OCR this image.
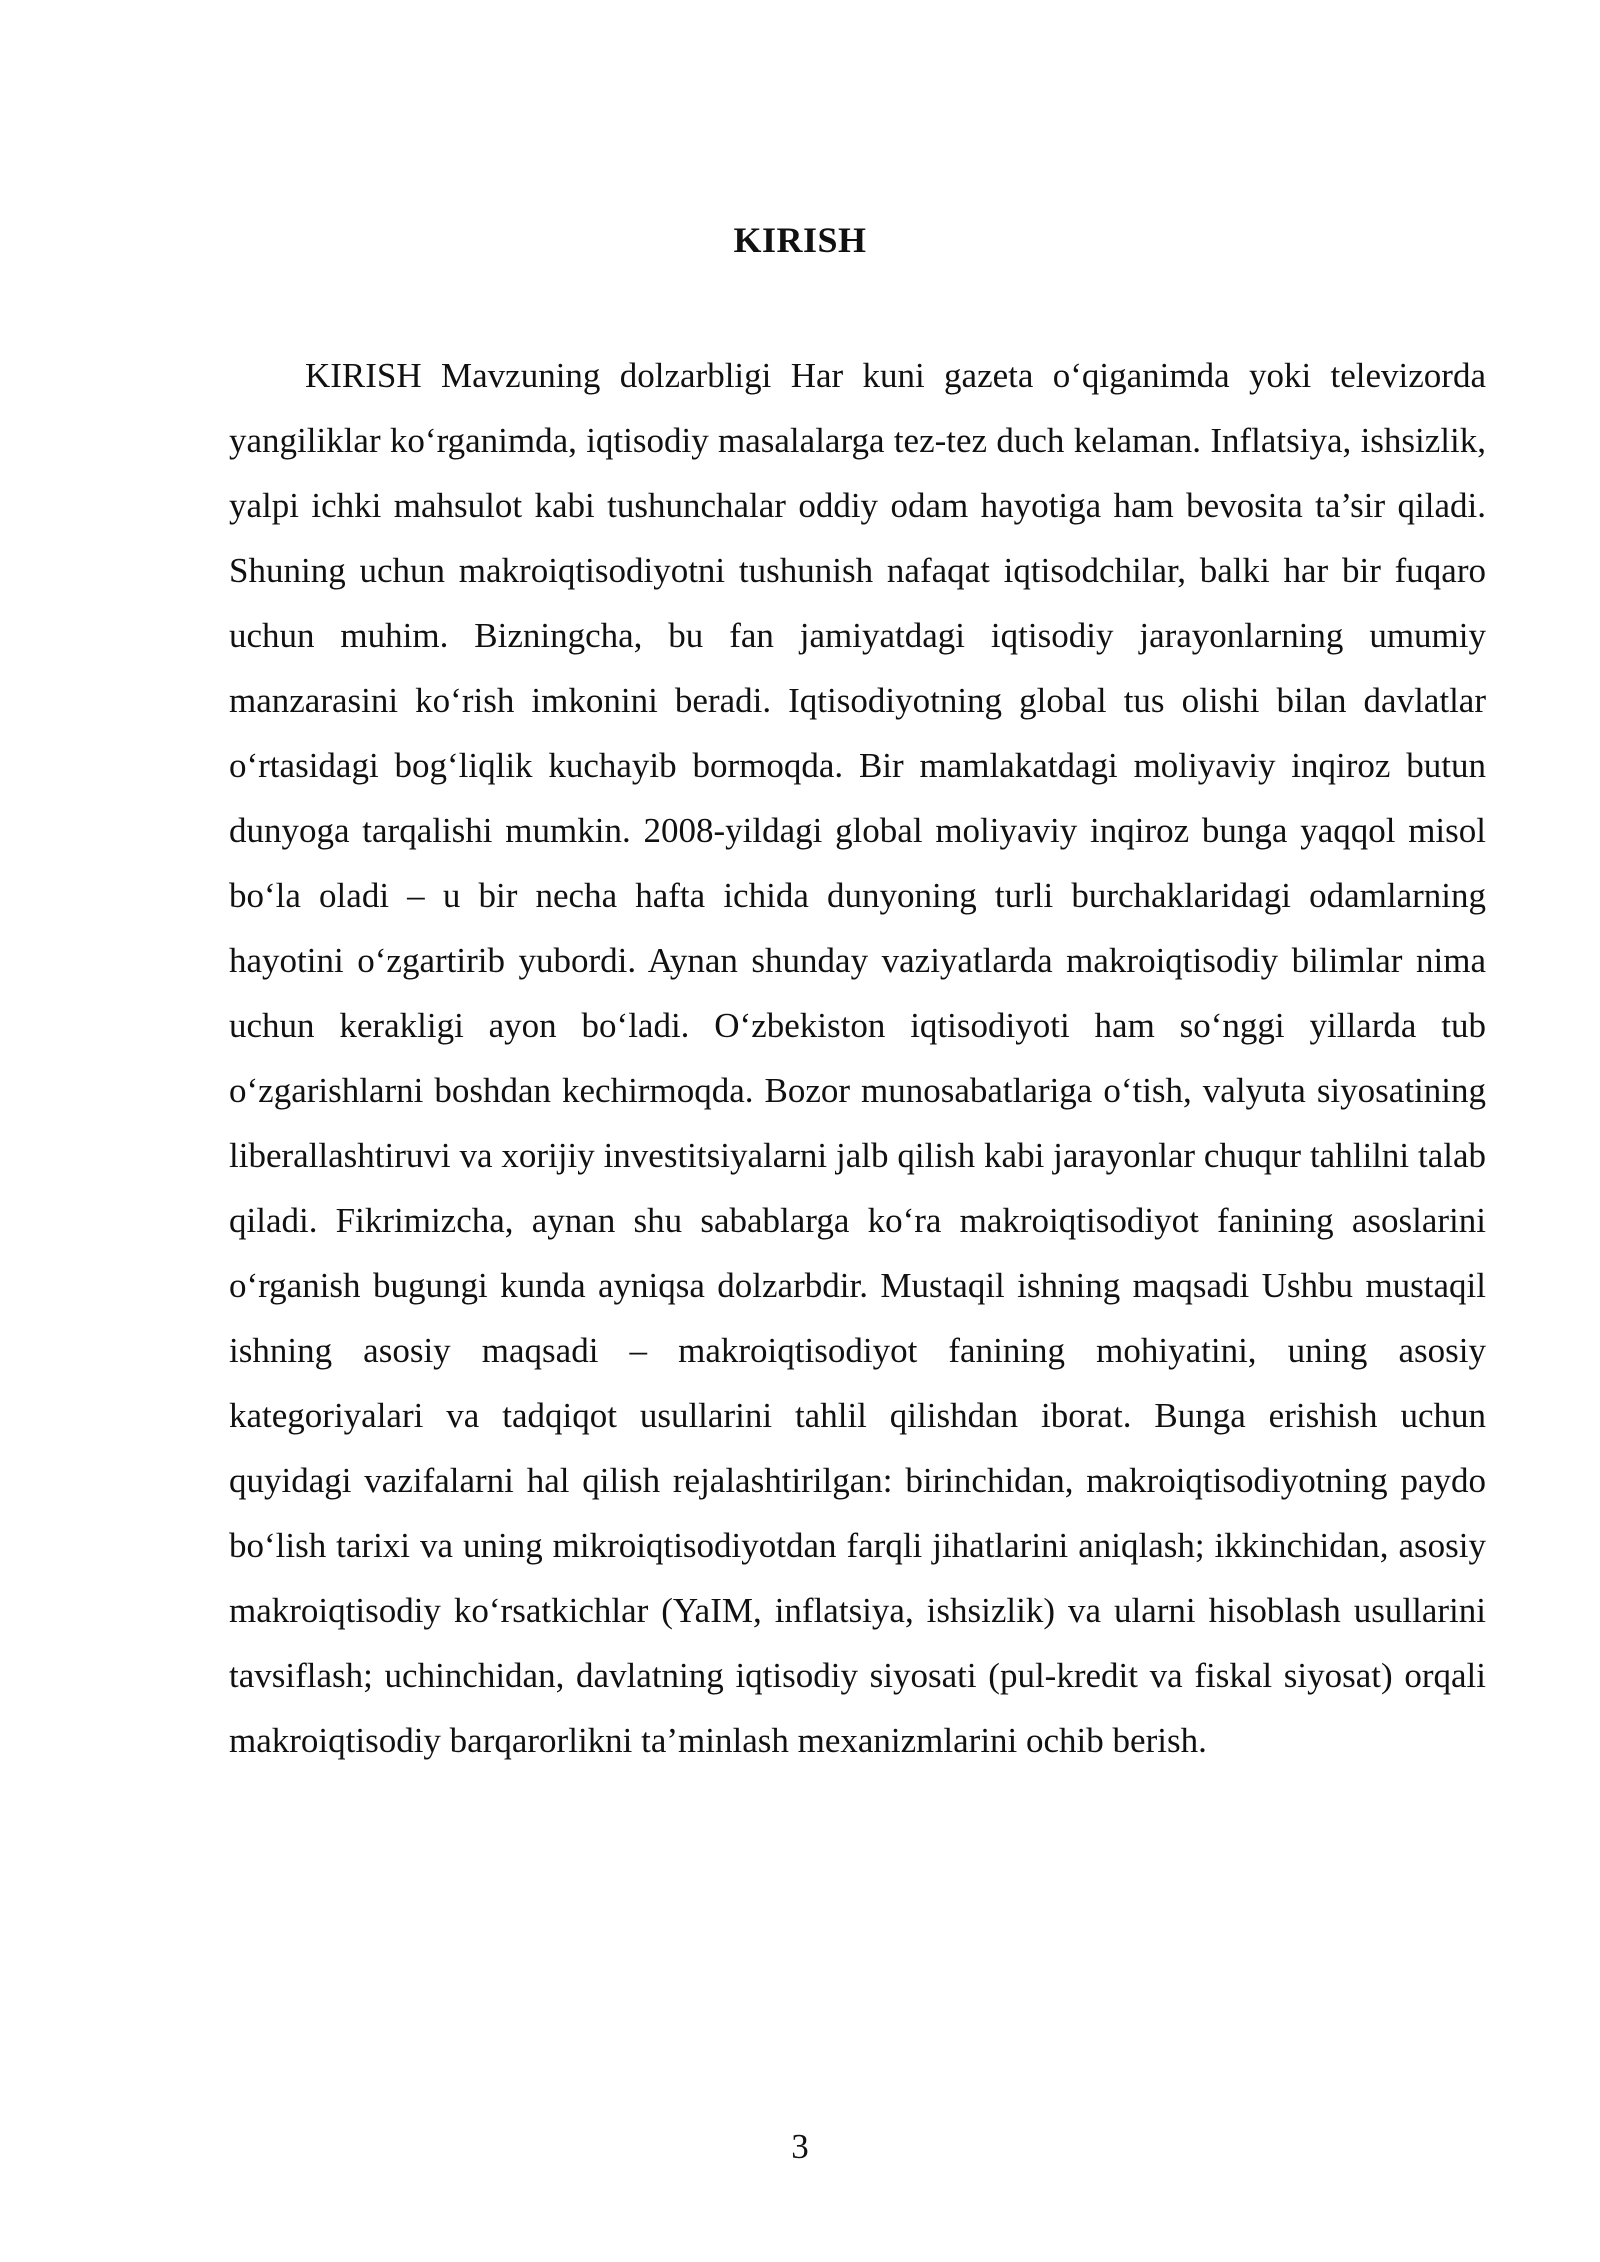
KIRISH

KIRISH Mavzuning dolzarbligi Har kuni gazeta o‘qiganimda yoki televizorda yangiliklar ko‘rganimda, iqtisodiy masalalarga tez-tez duch kelaman. Inflatsiya, ishsizlik, yalpi ichki mahsulot kabi tushunchalar oddiy odam hayotiga ham bevosita ta’sir qiladi. Shuning uchun makroiqtisodiyotni tushunish nafaqat iqtisodchilar, balki har bir fuqaro uchun muhim. Bizningcha, bu fan jamiyatdagi iqtisodiy jarayonlarning umumiy manzarasini ko‘rish imkonini beradi. Iqtisodiyotning global tus olishi bilan davlatlar o‘rtasidagi bog‘liqlik kuchayib bormoqda. Bir mamlakatdagi moliyaviy inqiroz butun dunyoga tarqalishi mumkin. 2008-yildagi global moliyaviy inqiroz bunga yaqqol misol bo‘la oladi – u bir necha hafta ichida dunyoning turli burchaklaridagi odamlarning hayotini o‘zgartirib yubordi. Aynan shunday vaziyatlarda makroiqtisodiy bilimlar nima uchun kerakligi ayon bo‘ladi. O‘zbekiston iqtisodiyoti ham so‘nggi yillarda tub o‘zgarishlarni boshdan kechirmoqda. Bozor munosabatlariga o‘tish, valyuta siyosatining liberallashtiruvi va xorijiy investitsiyalarni jalb qilish kabi jarayonlar chuqur tahlilni talab qiladi. Fikrimizcha, aynan shu sabablarga ko‘ra makroiqtisodiyot fanining asoslarini o‘rganish bugungi kunda ayniqsa dolzarbdir. Mustaqil ishning maqsadi Ushbu mustaqil ishning asosiy maqsadi – makroiqtisodiyot fanining mohiyatini, uning asosiy kategoriyalari va tadqiqot usullarini tahlil qilishdan iborat. Bunga erishish uchun quyidagi vazifalarni hal qilish rejalashtirilgan: birinchidan, makroiqtisodiyotning paydo bo‘lish tarixi va uning mikroiqtisodiyotdan farqli jihatlarini aniqlash; ikkinchidan, asosiy makroiqtisodiy ko‘rsatkichlar (YaIM, inflatsiya, ishsizlik) va ularni hisoblash usullarini tavsiflash; uchinchidan, davlatning iqtisodiy siyosati (pul-kredit va fiskal siyosat) orqali makroiqtisodiy barqarorlikni ta’minlash mexanizmlarini ochib berish.

3
